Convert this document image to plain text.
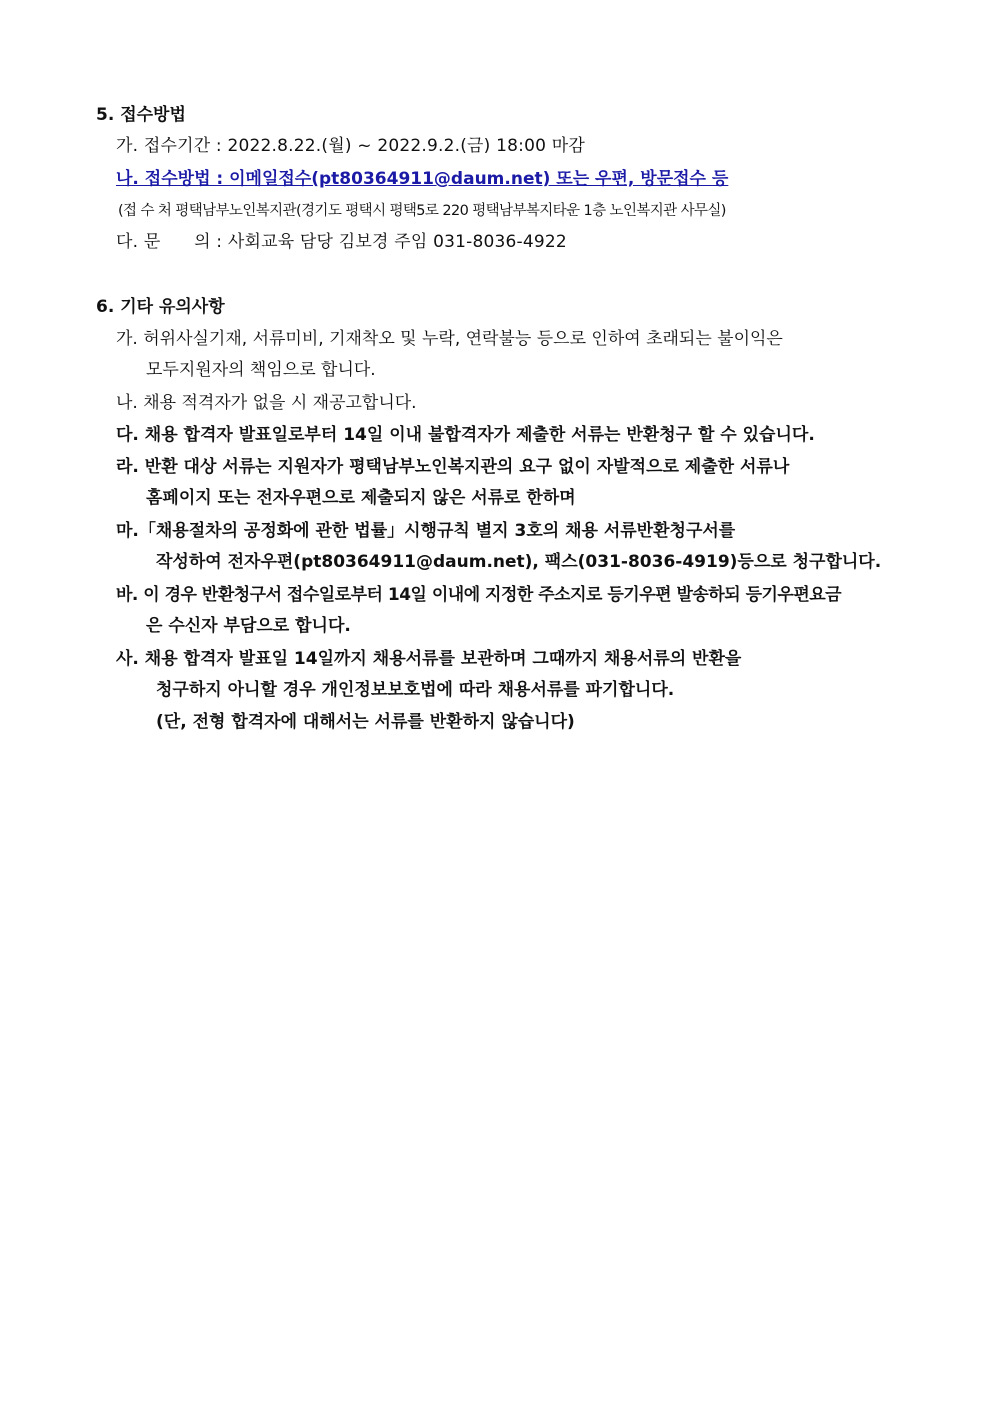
5. 접수방법
가. 접수기간 : 2022.8.22.(월) ~ 2022.9.2.(금) 18:00 마감
나. 접수방법 : 이메일접수(pt80364911@daum.net) 또는 우편, 방문접수 등
(접 수 처 평택남부노인복지관(경기도 평택시 평택5로 220 평택남부복지타운 1층 노인복지관 사무실)
다. 문      의 : 사회교육 담당 김보경 주임 031-8036-4922
6. 기타 유의사항
가. 허위사실기재, 서류미비, 기재착오 및 누락, 연락불능 등으로 인하여 초래되는 불이익은
모두지원자의 책임으로 합니다.
나. 채용 적격자가 없을 시 재공고합니다.
다. 채용 합격자 발표일로부터 14일 이내 불합격자가 제출한 서류는 반환청구 할 수 있습니다.
라. 반환 대상 서류는 지원자가 평택남부노인복지관의 요구 없이 자발적으로 제출한 서류나
홈페이지 또는 전자우편으로 제출되지 않은 서류로 한하며
마.「채용절차의 공정화에 관한 법률」시행규칙 별지 3호의 채용 서류반환청구서를
작성하여 전자우편(pt80364911@daum.net), 팩스(031-8036-4919)등으로 청구합니다.
바. 이 경우 반환청구서 접수일로부터 14일 이내에 지정한 주소지로 등기우편 발송하되 등기우편요금
은 수신자 부담으로 합니다.
사. 채용 합격자 발표일 14일까지 채용서류를 보관하며 그때까지 채용서류의 반환을
청구하지 아니할 경우 개인정보보호법에 따라 채용서류를 파기합니다.
(단, 전형 합격자에 대해서는 서류를 반환하지 않습니다)
